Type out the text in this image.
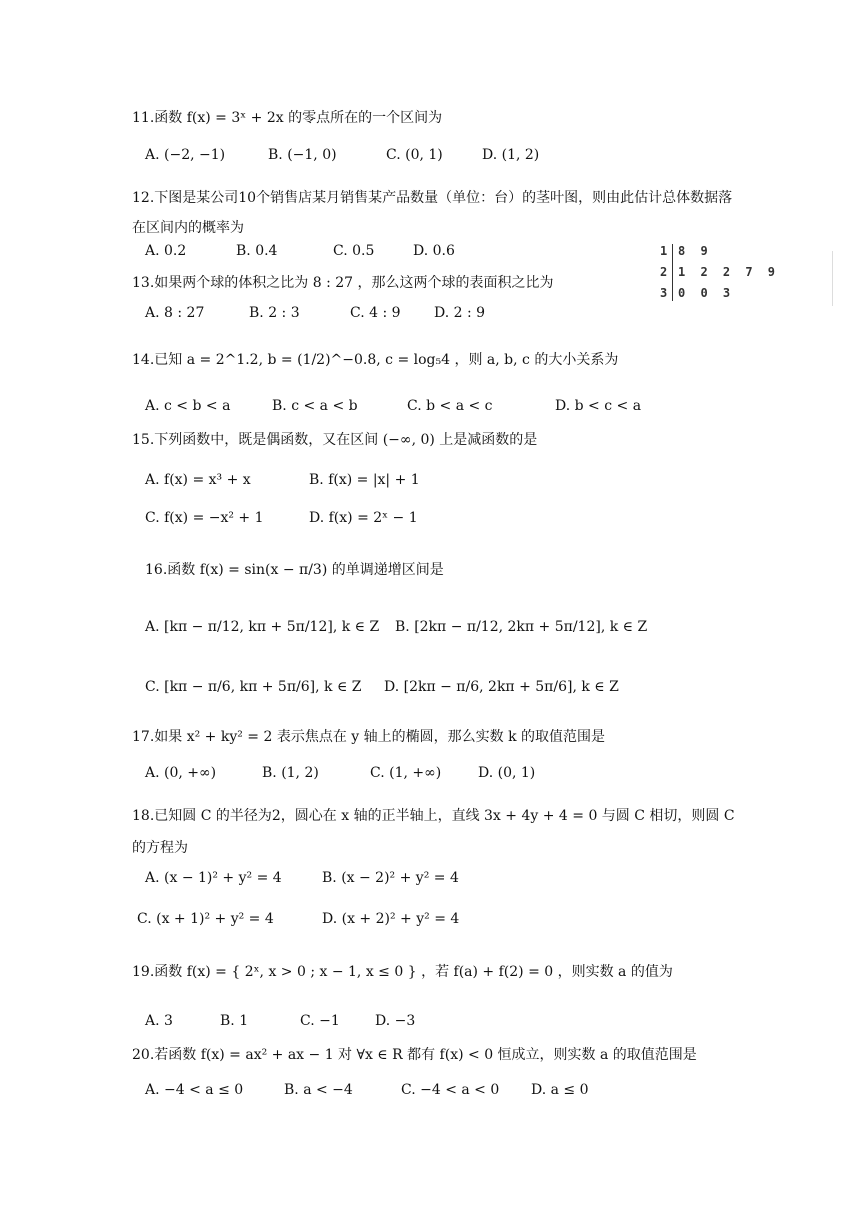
11.函数 f(x) = 3ˣ + 2x 的零点所在的一个区间为
A. (−2, −1)	B. (−1, 0)	C. (0, 1)	D. (1, 2)
12.下图是某公司10个销售店某月销售某产品数量（单位：台）的茎叶图，则由此估计总体数据落在区间内的概率为
A. 0.2	B. 0.4	C. 0.5	D. 0.6	1 8 9
2 1 2 2 7 9
3 0 0 3
13.如果两个球的体积之比为 8 : 27 ，那么这两个球的表面积之比为
A. 8 : 27	B. 2 : 3	C. 4 : 9 D. 2 : 9
14.已知 a = 2^1.2, b = (1/2)^−0.8, c = log₅4 ，则 a, b, c 的大小关系为
A. c < b < a	B. c < a < b	C. b < a < c	D. b < c < a
15.下列函数中，既是偶函数，又在区间 (−∞, 0) 上是减函数的是
A. f(x) = x³ + x	B. f(x) = |x| + 1
C. f(x) = −x² + 1	D. f(x) = 2ˣ − 1
16.函数 f(x) = sin(x − π/3) 的单调递增区间是
A. [kπ − π/12, kπ + 5π/12], k ∈ Z B. [2kπ − π/12, 2kπ + 5π/12], k ∈ Z
C. [kπ − π/6, kπ + 5π/6], k ∈ Z D. [2kπ − π/6, 2kπ + 5π/6], k ∈ Z
17.如果 x² + ky² = 2 表示焦点在 y 轴上的椭圆，那么实数 k 的取值范围是
A. (0, +∞)	B. (1, 2)	C. (1, +∞)	D. (0, 1)
18.已知圆 C 的半径为2，圆心在 x 轴的正半轴上，直线 3x + 4y + 4 = 0 与圆 C 相切，则圆 C 的方程为
A. (x − 1)² + y² = 4	B. (x − 2)² + y² = 4
C. (x + 1)² + y² = 4	D. (x + 2)² + y² = 4
19.函数 f(x) = { 2ˣ, x > 0 ; x − 1, x ≤ 0 } ，若 f(a) + f(2) = 0 ，则实数 a 的值为
A. 3	B. 1	C. −1	D. −3
20.若函数 f(x) = ax² + ax − 1 对 ∀x ∈ R 都有 f(x) < 0 恒成立，则实数 a 的取值范围是
A. −4 < a ≤ 0	B. a < −4	C. −4 < a < 0 D. a ≤ 0
